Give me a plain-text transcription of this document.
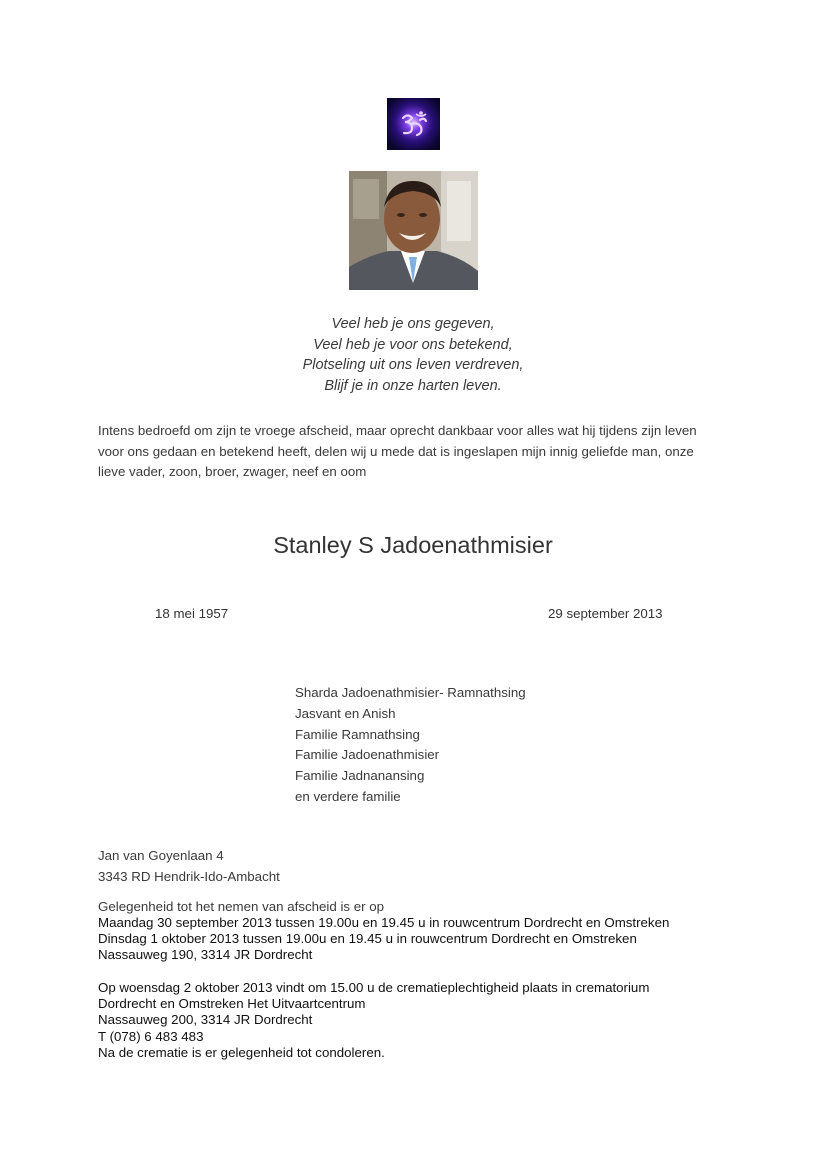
Veel heb je ons gegeven,
Veel heb je voor ons betekend,
Plotseling uit ons leven verdreven,
Blijf je in onze harten leven.
Intens bedroefd om zijn te vroege afscheid, maar oprecht dankbaar voor alles wat hij tijdens zijn leven
voor ons gedaan en betekend heeft, delen wij u mede dat is ingeslapen mijn innig geliefde man, onze
lieve vader, zoon, broer, zwager, neef en oom
Stanley S Jadoenathmisier
18 mei 1957	29 september 2013
Sharda Jadoenathmisier- Ramnathsing
Jasvant en Anish
Familie Ramnathsing
Familie Jadoenathmisier
Familie Jadnanansing
en verdere familie
Jan van Goyenlaan 4
3343 RD Hendrik-Ido-Ambacht
Gelegenheid tot het nemen van afscheid is er op
Maandag 30 september 2013 tussen 19.00u en 19.45 u in rouwcentrum Dordrecht en Omstreken
Dinsdag 1 oktober 2013 tussen 19.00u en 19.45 u in rouwcentrum Dordrecht en Omstreken
Nassauweg 190, 3314 JR Dordrecht
Op woensdag 2 oktober 2013 vindt om 15.00 u de crematieplechtigheid plaats in crematorium
Dordrecht en Omstreken Het Uitvaartcentrum
Nassauweg 200, 3314 JR Dordrecht
T (078) 6 483 483
Na de crematie is er gelegenheid tot condoleren.
